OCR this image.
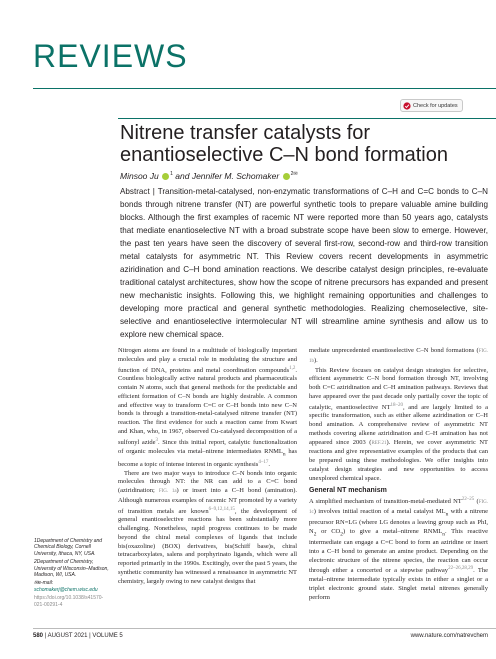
REVIEWS
Check for updates
Nitrene transfer catalysts for enantioselective C–N bond formation
Minsoo Ju $^1$ and Jennifer M. Schomaker $^{2✉}$
Abstract | Transition-metal-catalysed, non-enzymatic transformations of C–H and C=C bonds to C–N bonds through nitrene transfer (NT) are powerful synthetic tools to prepare valuable amine building blocks. Although the first examples of racemic NT were reported more than 50 years ago, catalysts that mediate enantioselective NT with a broad substrate scope have been slow to emerge. However, the past ten years have seen the discovery of several first-row, second-row and third-row transition metal catalysts for asymmetric NT. This Review covers recent developments in asymmetric aziridination and C–H bond amination reactions. We describe catalyst design principles, re-evaluate traditional catalyst architectures, show how the scope of nitrene precursors has expanded and present new mechanistic insights. Following this, we highlight remaining opportunities and challenges to developing more practical and general synthetic methodologies. Realizing chemoselective, site-selective and enantioselective intermolecular NT will streamline amine synthesis and allow us to explore new chemical space.

Nitrogen atoms are found in a multitude of biologically important molecules and play a crucial role in modulating the structure and function of DNA, proteins and metal coordination compounds$^{1,2}$. Countless biologically active natural products and pharmaceuticals contain N atoms, such that general methods for the predictable and efficient formation of C–N bonds are highly desirable. A common and effective way to transform C=C or C–H bonds into new C–N bonds is through a transition-metal-catalysed nitrene transfer (NT) reaction. The first evidence for such a reaction came from Kwart and Khan, who, in 1967, observed Cu-catalysed decomposition of a sulfonyl azide$^3$. Since this initial report, catalytic functionalization of organic molecules via metal–nitrene intermediates $RNML_n$ has become a topic of intense interest in organic synthesis$^{4-17}$.

There are two major ways to introduce C–N bonds into organic molecules through NT: the NR can add to a C=C bond (aziridination; FIG. 1a) or insert into a C–H bond (amination). Although numerous examples of racemic NT promoted by a variety of transition metals are known$^{6-9,12,14,15}$, the development of general enantioselective reactions has been substantially more challenging. Nonetheless, rapid progress continues to be made beyond the chiral metal complexes of ligands that include bis(oxazoline) (BOX) derivatives, bis(Schiff base)s, chiral tetracarboxylates, salens and porphyrinato ligands, which were all reported primarily in the 1990s. Excitingly, over the past 5 years, the synthetic community has witnessed a renaissance in asymmetric NT chemistry, largely owing to new catalyst designs that

mediate unprecedented enantioselective C–N bond formations (FIG. 1b).

This Review focuses on catalyst design strategies for selective, efficient asymmetric C–N bond formation through NT, involving both C=C aziridination and C–H amination pathways. Reviews that have appeared over the past decade only partially cover the topic of catalytic, enantioselective NT$^{18-20}$, and are largely limited to a specific transformation, such as either alkene aziridination or C–H bond amination. A comprehensive review of asymmetric NT methods covering alkene aziridination and C–H amination has not appeared since 2003 (REF.21). Herein, we cover asymmetric NT reactions and give representative examples of the products that can be prepared using these methodologies. We offer insights into catalyst design strategies and new opportunities to access unexplored chemical space.

General NT mechanism

A simplified mechanism of transition-metal-mediated NT$^{22-25}$ (FIG. 1c) involves initial reaction of a metal catalyst $ML_n$ with a nitrene precursor RN=LG (where LG denotes a leaving group such as PhI, $N_2$ or $CO_2$) to give a metal–nitrene $RNML_n$. This reactive intermediate can engage a C=C bond to form an aziridine or insert into a C–H bond to generate an amine product. Depending on the electronic structure of the nitrene species, the reaction can occur through either a concerted or a stepwise pathway$^{22-26,28,29}$. The metal–nitrene intermediate typically exists in either a singlet or a triplet electronic ground state. Singlet metal nitrenes generally perform

1Department of Chemistry and Chemical Biology, Cornell University, Ithaca, NY, USA.

2Department of Chemistry, University of Wisconsin–Madison, Madison, WI, USA.

✉e-mail: schomakerj@chem.wisc.edu

https://doi.org/10.1038/s41570-021-00291-4

580 | AUGUST 2021 | VOLUME 5	www.nature.com/natrevchem
